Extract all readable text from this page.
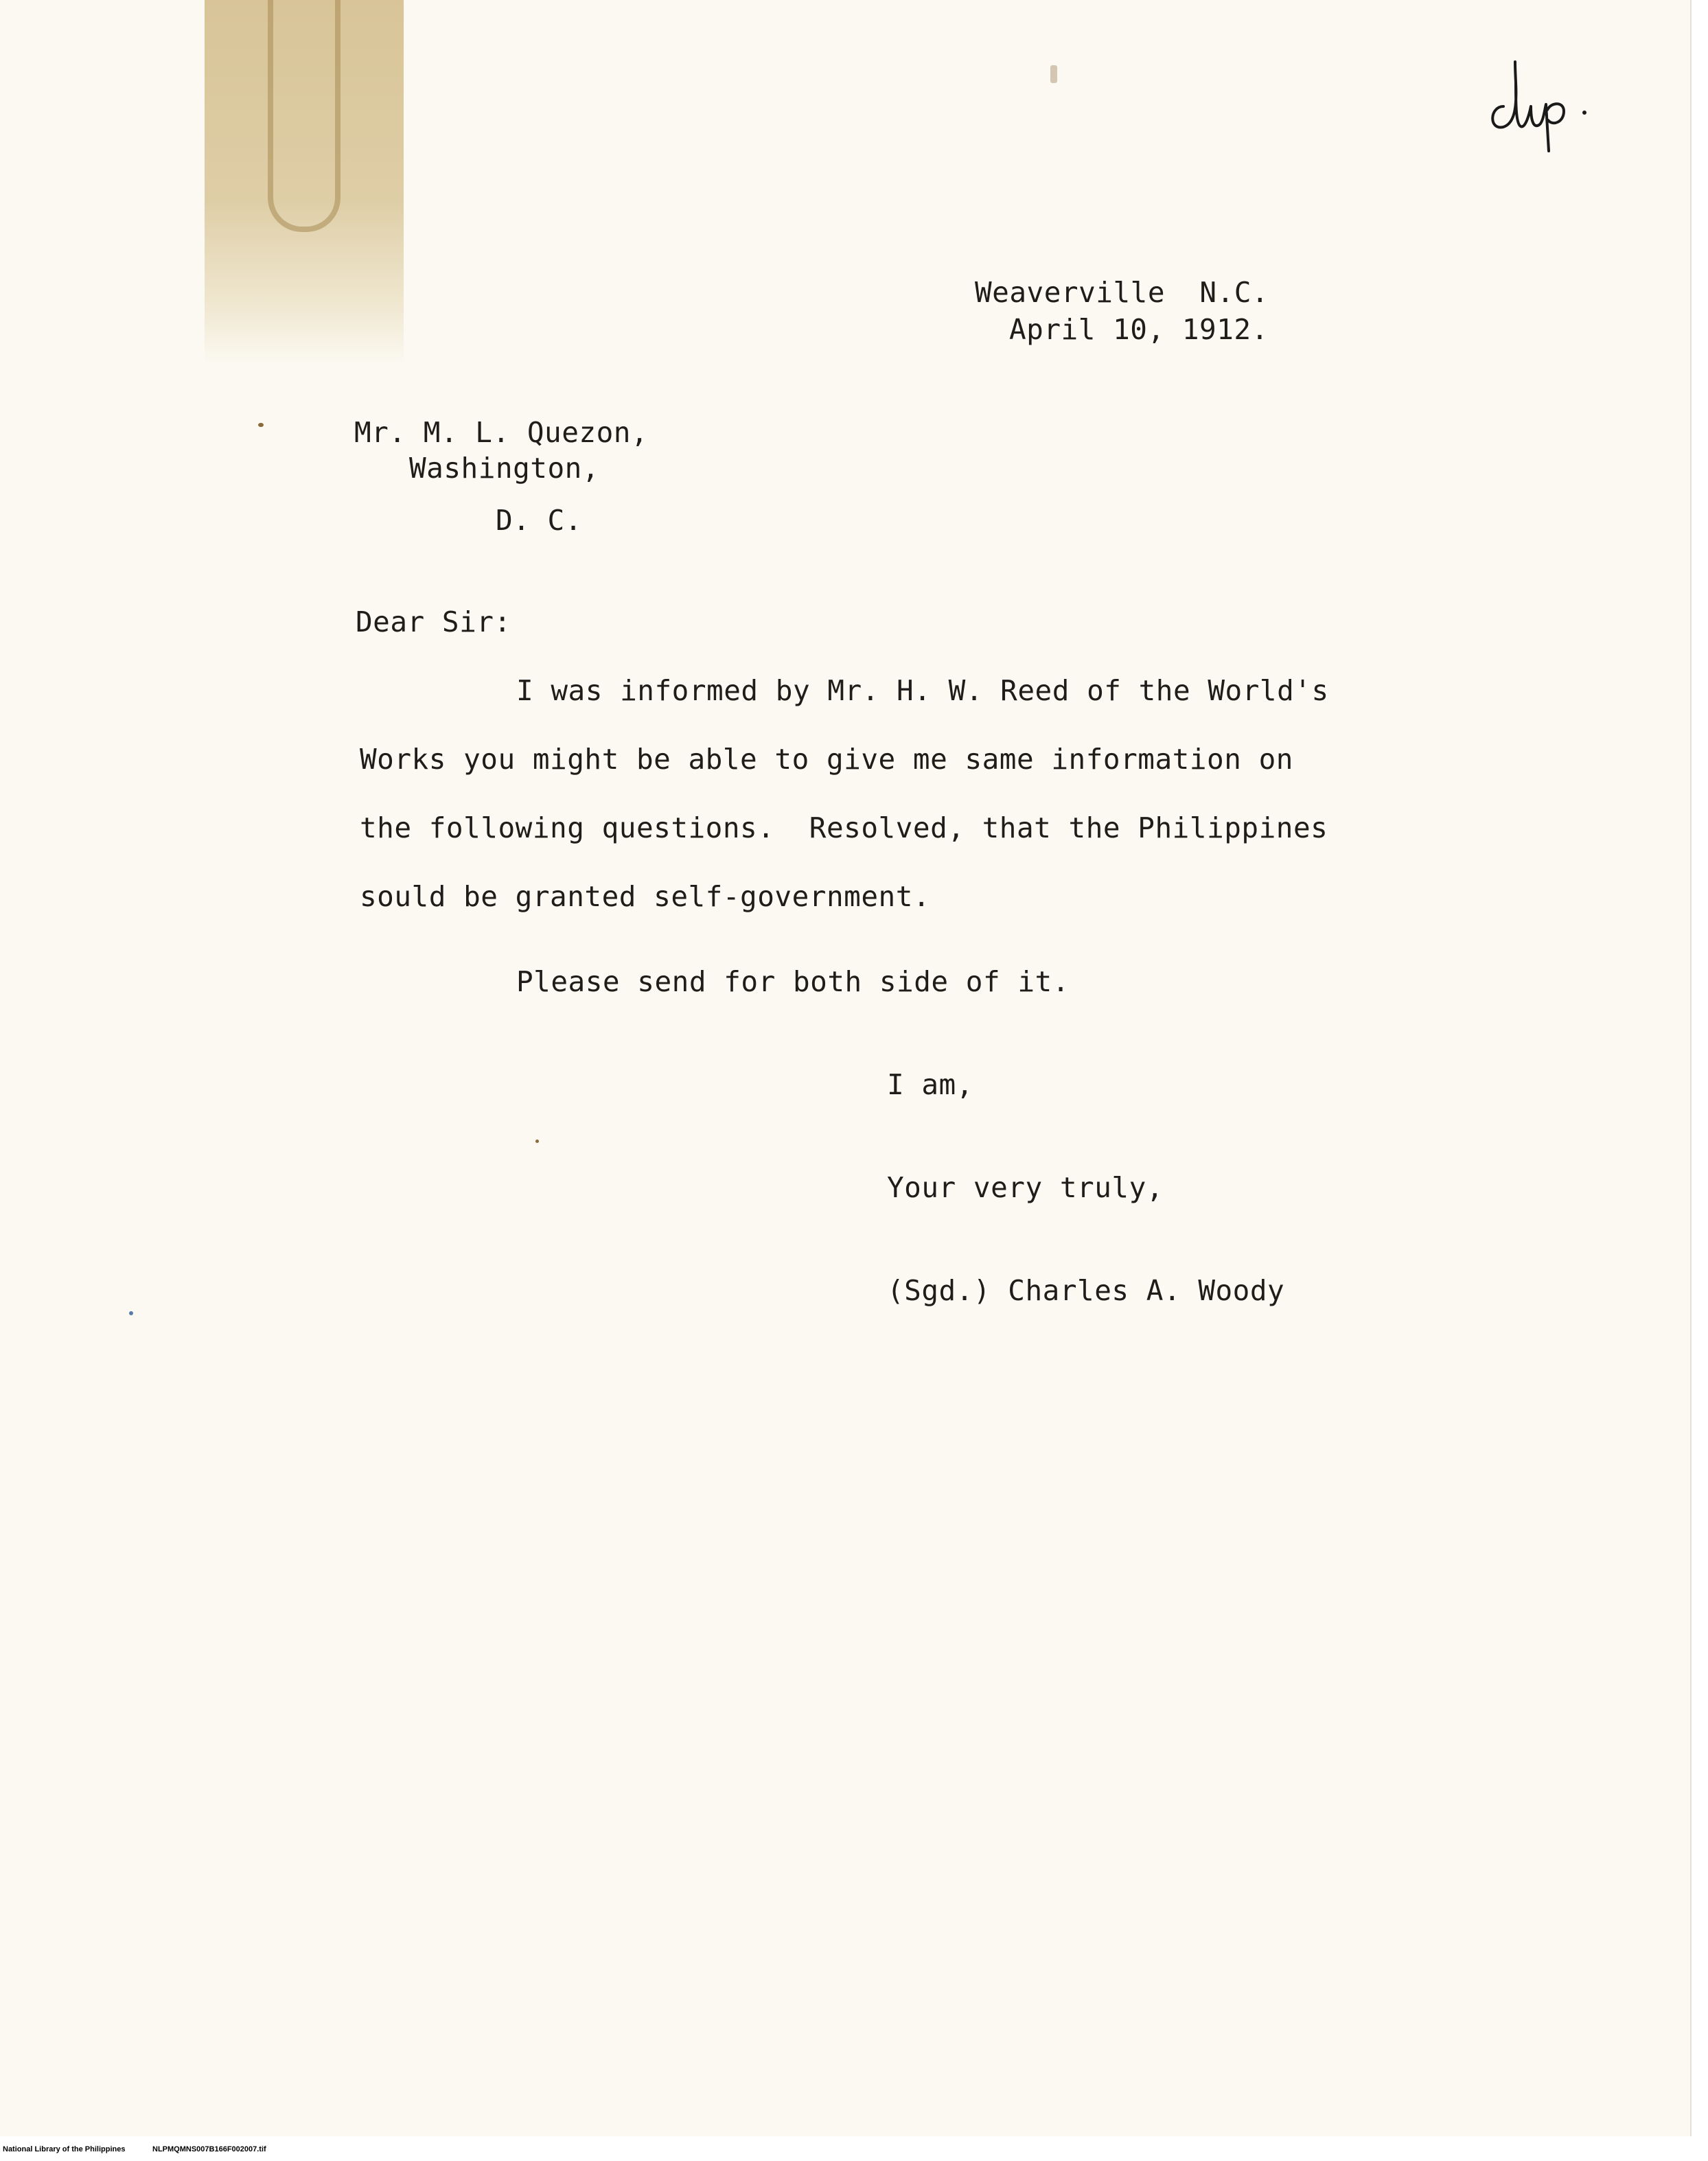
Weaverville  N.C.
April 10, 1912.
Mr. M. L. Quezon,
Washington,
D. C.
Dear Sir:
I was informed by Mr. H. W. Reed of the World's
Works you might be able to give me same information on
the following questions.  Resolved, that the Philippines
sould be granted self-government.
Please send for both side of it.
I am,
Your very truly,
(Sgd.) Charles A. Woody
National Library of the Philippines	NLPMQMNS007B166F002007.tif
